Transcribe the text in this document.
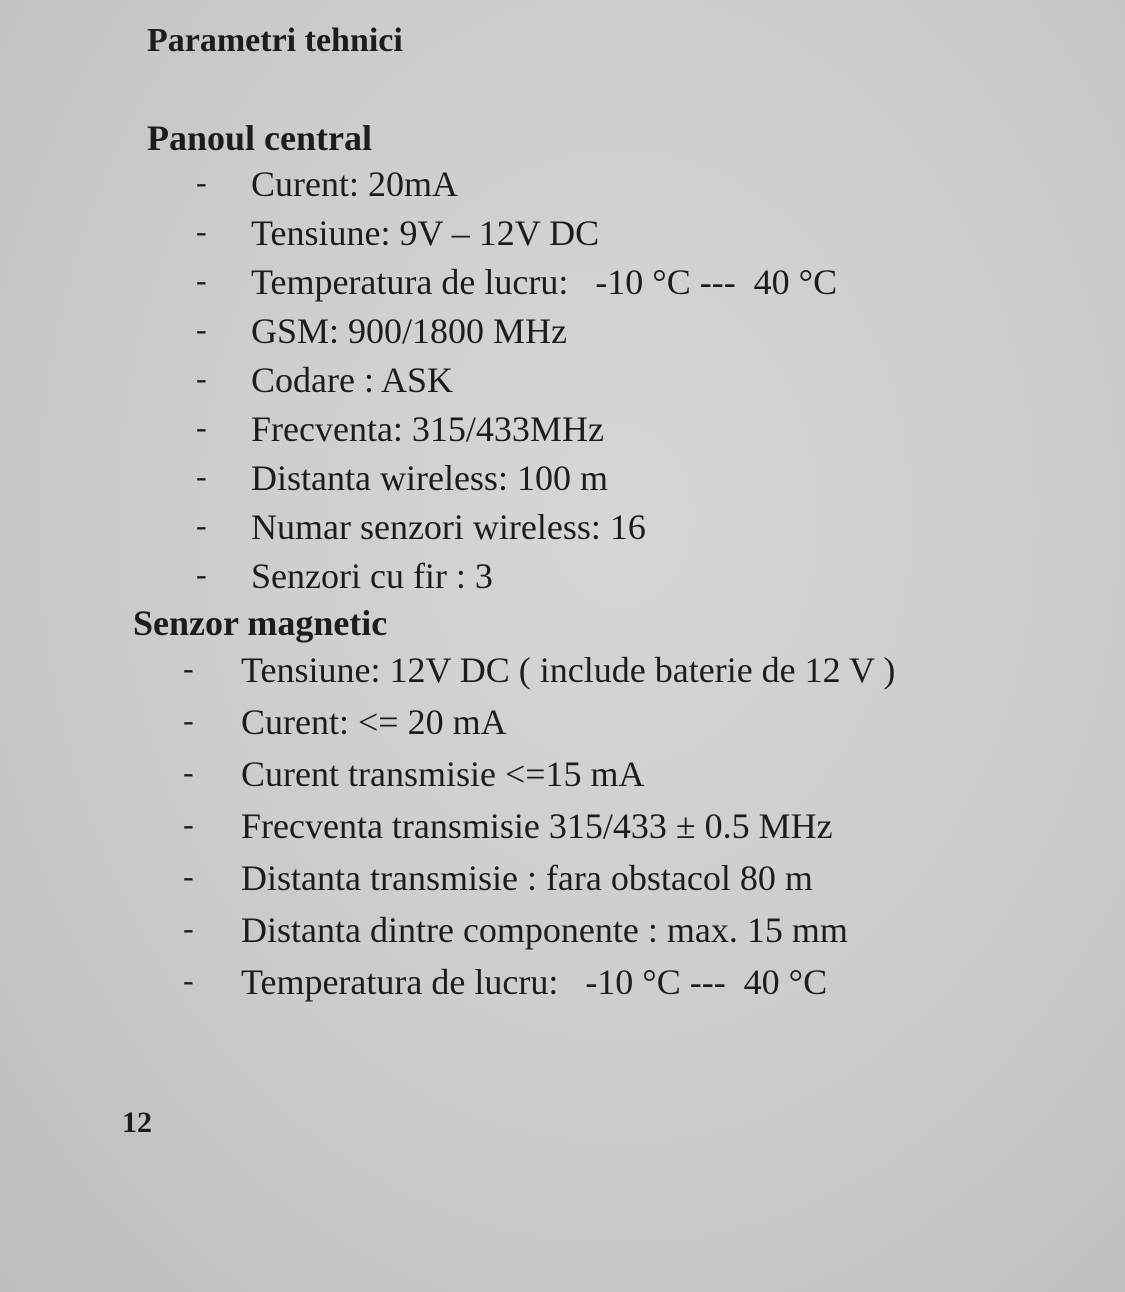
Parametri tehnici
Panoul central
- Curent: 20mA
- Tensiune: 9V – 12V DC
- Temperatura de lucru:   -10 °C ---  40 °C
- GSM: 900/1800 MHz
- Codare : ASK
- Frecventa: 315/433MHz
- Distanta wireless: 100 m
- Numar senzori wireless: 16
- Senzori cu fir : 3
Senzor magnetic
- Tensiune: 12V DC ( include baterie de 12 V )
- Curent: <= 20 mA
- Curent transmisie <=15 mA
- Frecventa transmisie 315/433 ± 0.5 MHz
- Distanta transmisie : fara obstacol 80 m
- Distanta dintre componente : max. 15 mm
- Temperatura de lucru:   -10 °C ---  40 °C

12
